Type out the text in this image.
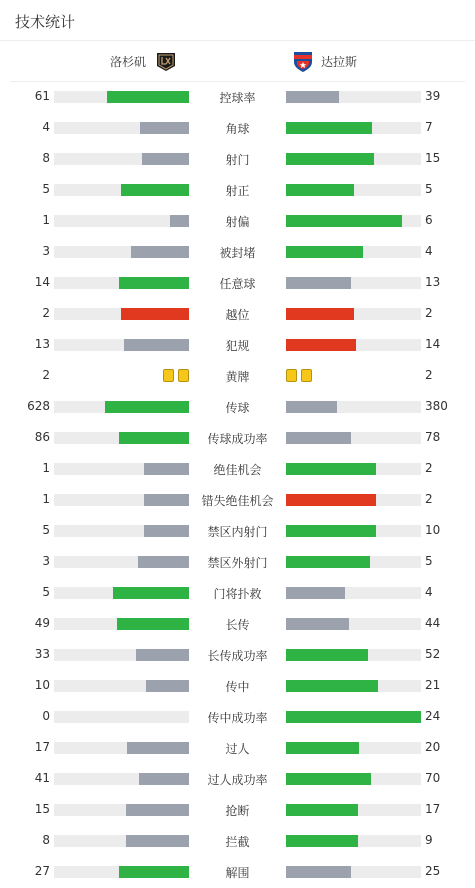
技术统计
洛杉矶	达拉斯
61	控球率	39
4	角球	7
8	射门	15
5	射正	5
1	射偏	6
3	被封堵	4
14	任意球	13
2	越位	2
13	犯规	14
2	黄牌	2
628	传球	380
86	传球成功率	78
1	绝佳机会	2
1	错失绝佳机会	2
5	禁区内射门	10
3	禁区外射门	5
5	门将扑救	4
49	长传	44
33	长传成功率	52
10	传中	21
0	传中成功率	24
17	过人	20
41	过人成功率	70
15	抢断	17
8	拦截	9
27	解围	25
